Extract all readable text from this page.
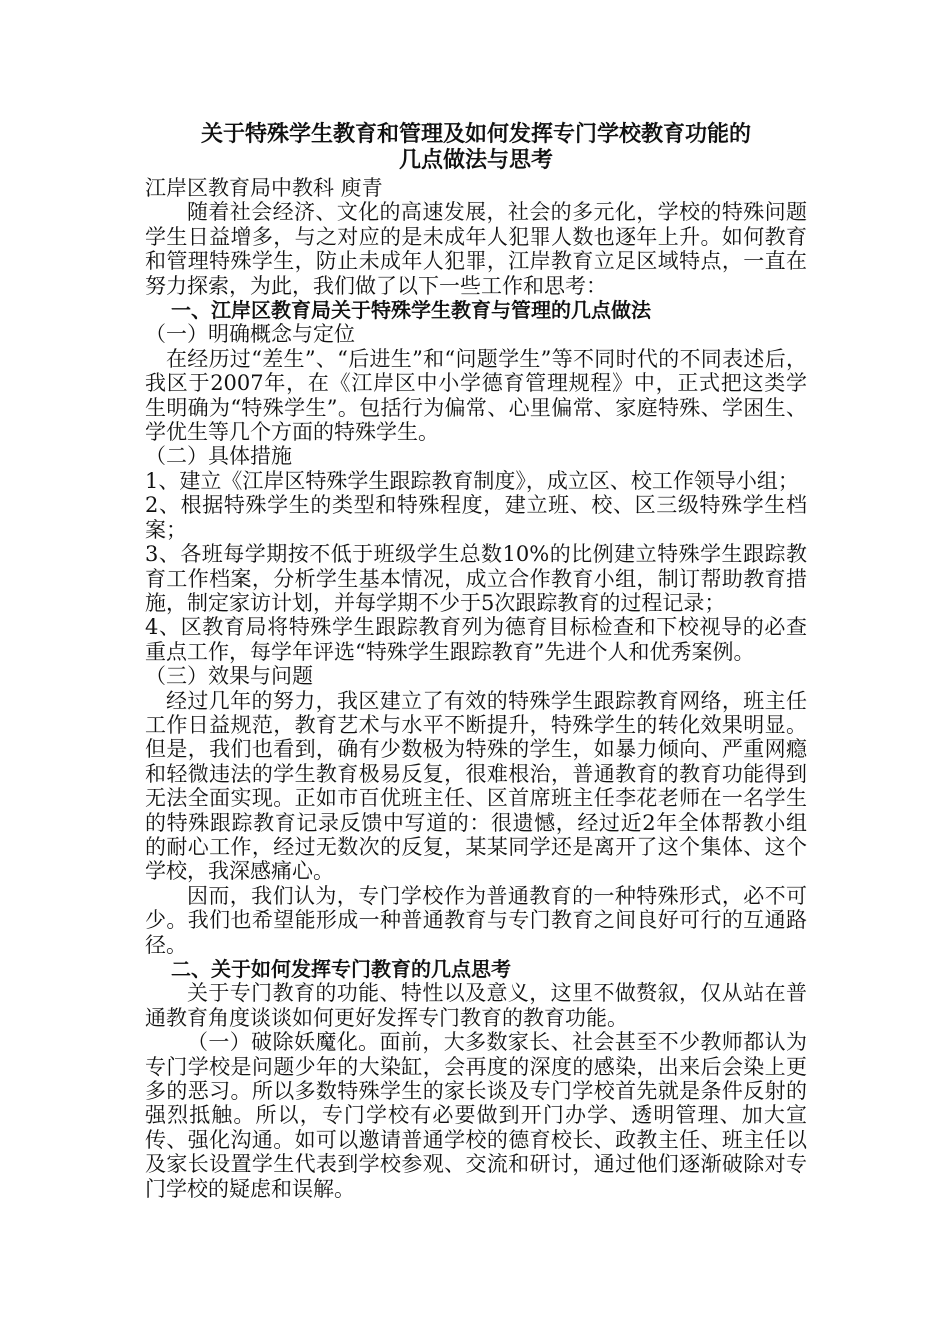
关于特殊学生教育和管理及如何发挥专门学校教育功能的
几点做法与思考

江岸区教育局中教科 庾青

随着社会经济、文化的高速发展，社会的多元化，学校的特殊问题学生日益增多，与之对应的是未成年人犯罪人数也逐年上升。如何教育和管理特殊学生，防止未成年人犯罪，江岸教育立足区域特点，一直在努力探索，为此，我们做了以下一些工作和思考：

一、江岸区教育局关于特殊学生教育与管理的几点做法

（一）明确概念与定位

在经历过“差生”、“后进生”和“问题学生”等不同时代的不同表述后，我区于2007年，在《江岸区中小学德育管理规程》中，正式把这类学生明确为“特殊学生”。包括行为偏常、心里偏常、家庭特殊、学困生、学优生等几个方面的特殊学生。

（二）具体措施

1、建立《江岸区特殊学生跟踪教育制度》，成立区、校工作领导小组；

2、根据特殊学生的类型和特殊程度，建立班、校、区三级特殊学生档案；

3、各班每学期按不低于班级学生总数10%的比例建立特殊学生跟踪教育工作档案，分析学生基本情况，成立合作教育小组，制订帮助教育措施，制定家访计划，并每学期不少于5次跟踪教育的过程记录；

4、区教育局将特殊学生跟踪教育列为德育目标检查和下校视导的必查重点工作，每学年评选“特殊学生跟踪教育”先进个人和优秀案例。

（三）效果与问题

经过几年的努力，我区建立了有效的特殊学生跟踪教育网络，班主任工作日益规范，教育艺术与水平不断提升，特殊学生的转化效果明显。但是，我们也看到，确有少数极为特殊的学生，如暴力倾向、严重网瘾和轻微违法的学生教育极易反复，很难根治，普通教育的教育功能得到无法全面实现。正如市百优班主任、区首席班主任李花老师在一名学生的特殊跟踪教育记录反馈中写道的：很遗憾，经过近2年全体帮教小组的耐心工作，经过无数次的反复，某某同学还是离开了这个集体、这个学校，我深感痛心。

因而，我们认为，专门学校作为普通教育的一种特殊形式，必不可少。我们也希望能形成一种普通教育与专门教育之间良好可行的互通路径。

二、关于如何发挥专门教育的几点思考

关于专门教育的功能、特性以及意义，这里不做赘叙，仅从站在普通教育角度谈谈如何更好发挥专门教育的教育功能。

（一）破除妖魔化。面前，大多数家长、社会甚至不少教师都认为专门学校是问题少年的大染缸，会再度的深度的感染，出来后会染上更多的恶习。所以多数特殊学生的家长谈及专门学校首先就是条件反射的强烈抵触。所以，专门学校有必要做到开门办学、透明管理、加大宣传、强化沟通。如可以邀请普通学校的德育校长、政教主任、班主任以及家长设置学生代表到学校参观、交流和研讨，通过他们逐渐破除对专门学校的疑虑和误解。
